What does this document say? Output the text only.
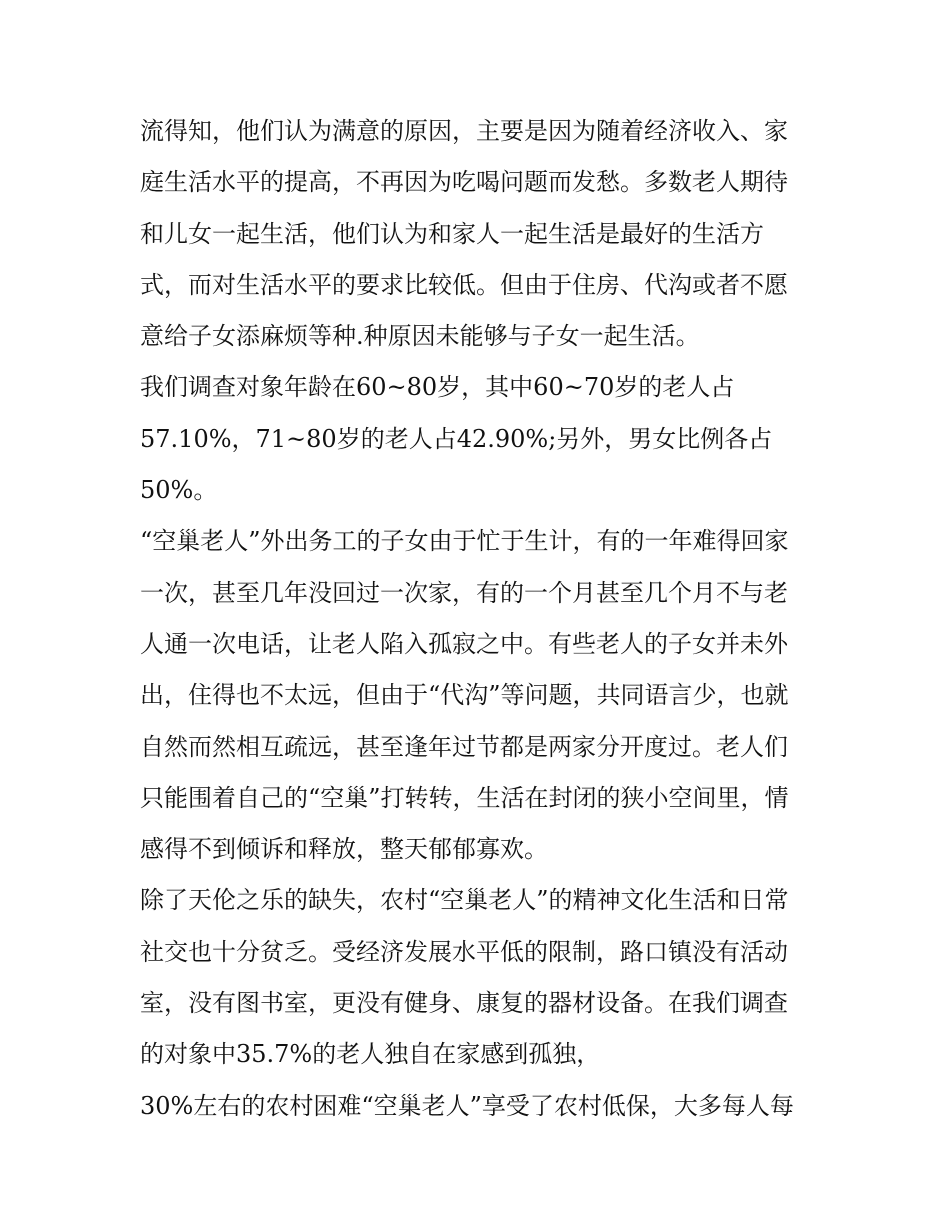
流得知，他们认为满意的原因，主要是因为随着经济收入、家
庭生活水平的提高，不再因为吃喝问题而发愁。多数老人期待
和儿女一起生活，他们认为和家人一起生活是最好的生活方
式，而对生活水平的要求比较低。但由于住房、代沟或者不愿
意给子女添麻烦等种.种原因未能够与子女一起生活。
我们调查对象年龄在60~80岁，其中60~70岁的老人占
57.10%，71~80岁的老人占42.90%;另外，男女比例各占
50%。
“空巢老人”外出务工的子女由于忙于生计，有的一年难得回家
一次，甚至几年没回过一次家，有的一个月甚至几个月不与老
人通一次电话，让老人陷入孤寂之中。有些老人的子女并未外
出，住得也不太远，但由于“代沟”等问题，共同语言少，也就
自然而然相互疏远，甚至逢年过节都是两家分开度过。老人们
只能围着自己的“空巢”打转转，生活在封闭的狭小空间里，情
感得不到倾诉和释放，整天郁郁寡欢。
除了天伦之乐的缺失，农村“空巢老人”的精神文化生活和日常
社交也十分贫乏。受经济发展水平低的限制，路口镇没有活动
室，没有图书室，更没有健身、康复的器材设备。在我们调查
的对象中35.7%的老人独自在家感到孤独，
30%左右的农村困难“空巢老人”享受了农村低保，大多每人每
